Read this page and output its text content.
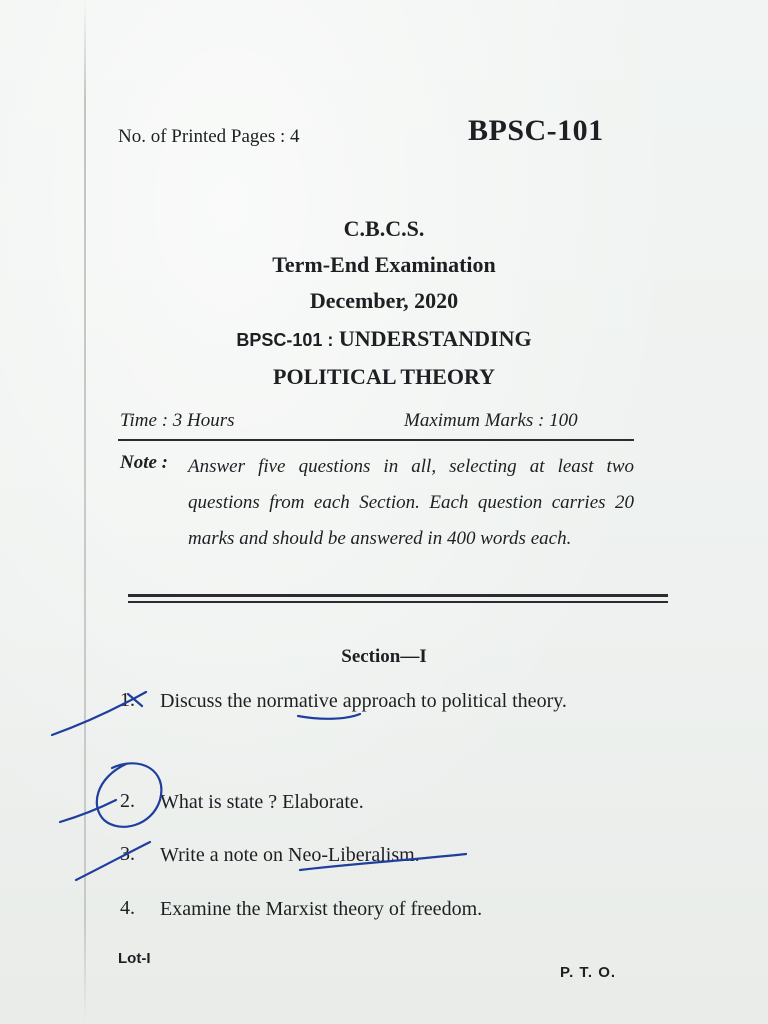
No. of Printed Pages : 4	BPSC-101
C.B.C.S.
Term-End Examination
December, 2020
BPSC-101 : UNDERSTANDING
POLITICAL THEORY
Time : 3 Hours	Maximum Marks : 100
Note : Answer five questions in all, selecting at least two questions from each Section. Each question carries 20 marks and should be answered in 400 words each.
Section—I
1. Discuss the normative approach to political theory.
2. What is state ? Elaborate.
3. Write a note on Neo-Liberalism.
4. Examine the Marxist theory of freedom.
Lot-I
P. T. O.
